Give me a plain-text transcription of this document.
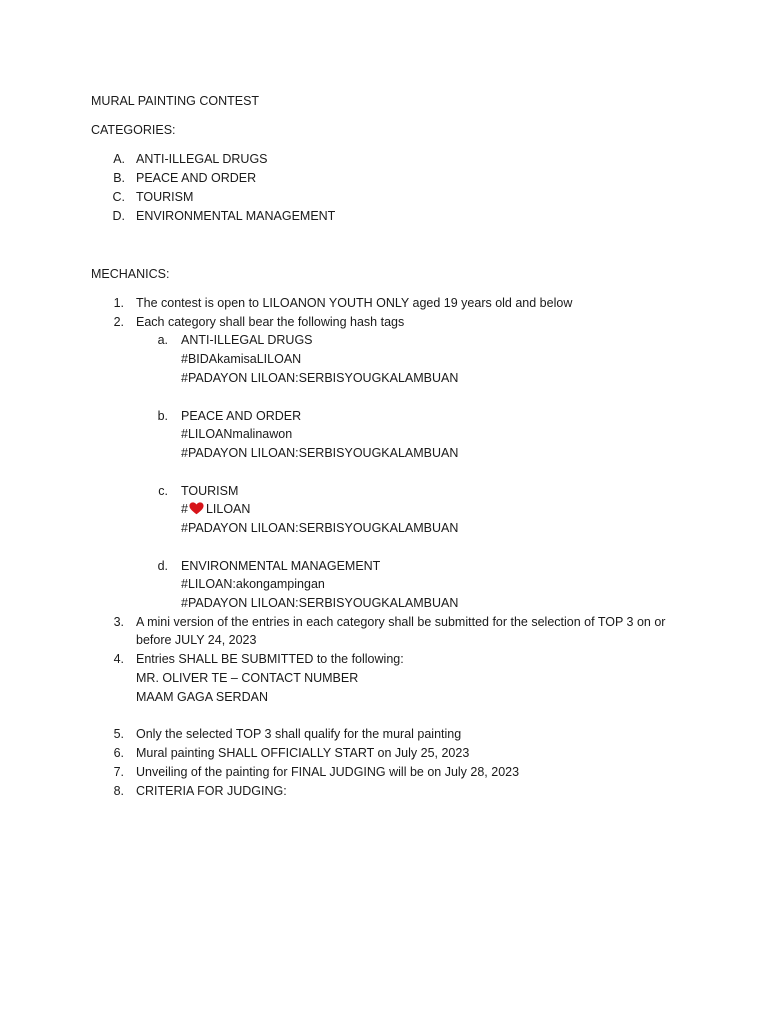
MURAL PAINTING CONTEST
CATEGORIES:
A. ANTI-ILLEGAL DRUGS
B. PEACE AND ORDER
C. TOURISM
D. ENVIRONMENTAL MANAGEMENT
MECHANICS:
1. The contest is open to LILOANON YOUTH ONLY aged 19 years old and below
2. Each category shall bear the following hash tags
a. ANTI-ILLEGAL DRUGS
#BIDAkamisaLILOAN
#PADAYON LILOAN:SERBISYOUGKALAMBUAN
b. PEACE AND ORDER
#LILOANmalinawon
#PADAYON LILOAN:SERBISYOUGKALAMBUAN
c. TOURISM
# LILOAN
#PADAYON LILOAN:SERBISYOUGKALAMBUAN
d. ENVIRONMENTAL MANAGEMENT
#LILOAN:akongampingan
#PADAYON LILOAN:SERBISYOUGKALAMBUAN
3. A mini version of the entries in each category shall be submitted for the selection of TOP 3 on or
before JULY 24, 2023
4. Entries SHALL BE SUBMITTED to the following:
MR. OLIVER TE – CONTACT NUMBER
MAAM GAGA SERDAN
5. Only the selected TOP 3 shall qualify for the mural painting
6. Mural painting SHALL OFFICIALLY START on July 25, 2023
7. Unveiling of the painting for FINAL JUDGING will be on July 28, 2023
8. CRITERIA FOR JUDGING:
